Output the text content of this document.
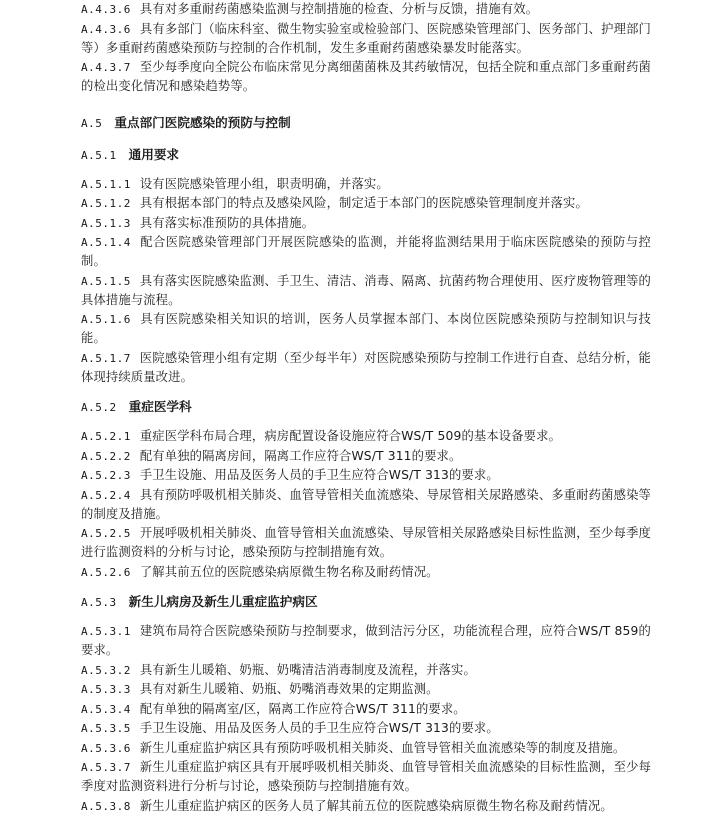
A.4.3.6 具有对多重耐药菌感染监测与控制措施的检查、分析与反馈，措施有效。

A.4.3.6 具有多部门（临床科室、微生物实验室或检验部门、医院感染管理部门、医务部门、护理部门等）多重耐药菌感染预防与控制的合作机制，发生多重耐药菌感染暴发时能落实。

A.4.3.7 至少每季度向全院公布临床常见分离细菌菌株及其药敏情况，包括全院和重点部门多重耐药菌的检出变化情况和感染趋势等。

A.5 重点部门医院感染的预防与控制

A.5.1 通用要求

A.5.1.1 设有医院感染管理小组，职责明确，并落实。

A.5.1.2 具有根据本部门的特点及感染风险，制定适于本部门的医院感染管理制度并落实。

A.5.1.3 具有落实标准预防的具体措施。

A.5.1.4 配合医院感染管理部门开展医院感染的监测，并能将监测结果用于临床医院感染的预防与控制。

A.5.1.5 具有落实医院感染监测、手卫生、清洁、消毒、隔离、抗菌药物合理使用、医疗废物管理等的具体措施与流程。

A.5.1.6 具有医院感染相关知识的培训，医务人员掌握本部门、本岗位医院感染预防与控制知识与技能。

A.5.1.7 医院感染管理小组有定期（至少每半年）对医院感染预防与控制工作进行自查、总结分析，能体现持续质量改进。

A.5.2 重症医学科

A.5.2.1 重症医学科布局合理，病房配置设备设施应符合WS/T 509的基本设备要求。

A.5.2.2 配有单独的隔离房间，隔离工作应符合WS/T 311的要求。

A.5.2.3 手卫生设施、用品及医务人员的手卫生应符合WS/T 313的要求。

A.5.2.4 具有预防呼吸机相关肺炎、血管导管相关血流感染、导尿管相关尿路感染、多重耐药菌感染等的制度及措施。

A.5.2.5 开展呼吸机相关肺炎、血管导管相关血流感染、导尿管相关尿路感染目标性监测，至少每季度进行监测资料的分析与讨论，感染预防与控制措施有效。

A.5.2.6 了解其前五位的医院感染病原微生物名称及耐药情况。

A.5.3 新生儿病房及新生儿重症监护病区

A.5.3.1 建筑布局符合医院感染预防与控制要求，做到洁污分区，功能流程合理，应符合WS/T 859的要求。

A.5.3.2 具有新生儿暖箱、奶瓶、奶嘴清洁消毒制度及流程，并落实。

A.5.3.3 具有对新生儿暖箱、奶瓶、奶嘴消毒效果的定期监测。

A.5.3.4 配有单独的隔离室/区，隔离工作应符合WS/T 311的要求。

A.5.3.5 手卫生设施、用品及医务人员的手卫生应符合WS/T 313的要求。

A.5.3.6 新生儿重症监护病区具有预防呼吸机相关肺炎、血管导管相关血流感染等的制度及措施。

A.5.3.7 新生儿重症监护病区具有开展呼吸机相关肺炎、血管导管相关血流感染的目标性监测，至少每季度对监测资料进行分析与讨论，感染预防与控制措施有效。

A.5.3.8 新生儿重症监护病区的医务人员了解其前五位的医院感染病原微生物名称及耐药情况。
